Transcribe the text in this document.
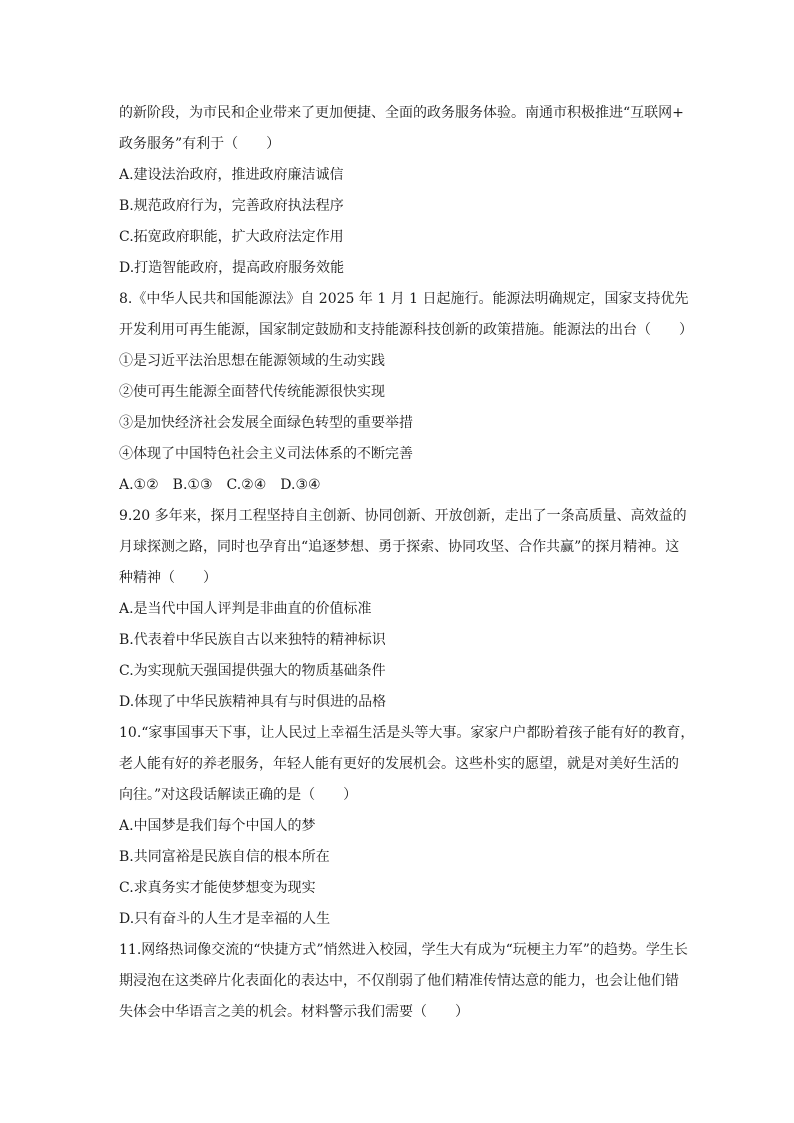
的新阶段，为市民和企业带来了更加便捷、全面的政务服务体验。南通市积极推进“互联网+
政务服务”有利于（　　）
A.建设法治政府，推进政府廉洁诚信
B.规范政府行为，完善政府执法程序
C.拓宽政府职能，扩大政府法定作用
D.打造智能政府，提高政府服务效能
8.《中华人民共和国能源法》自 2025 年 1 月 1 日起施行。能源法明确规定，国家支持优先
开发利用可再生能源，国家制定鼓励和支持能源科技创新的政策措施。能源法的出台（　　）
①是习近平法治思想在能源领域的生动实践
②使可再生能源全面替代传统能源很快实现
③是加快经济社会发展全面绿色转型的重要举措
④体现了中国特色社会主义司法体系的不断完善
A.①②　B.①③　C.②④　D.③④
9.20 多年来，探月工程坚持自主创新、协同创新、开放创新，走出了一条高质量、高效益的
月球探测之路，同时也孕育出“追逐梦想、勇于探索、协同攻坚、合作共赢”的探月精神。这
种精神（　　）
A.是当代中国人评判是非曲直的价值标准
B.代表着中华民族自古以来独特的精神标识
C.为实现航天强国提供强大的物质基础条件
D.体现了中华民族精神具有与时俱进的品格
10.“家事国事天下事，让人民过上幸福生活是头等大事。家家户户都盼着孩子能有好的教育，
老人能有好的养老服务，年轻人能有更好的发展机会。这些朴实的愿望，就是对美好生活的
向往。”对这段话解读正确的是（　　）
A.中国梦是我们每个中国人的梦
B.共同富裕是民族自信的根本所在
C.求真务实才能使梦想变为现实
D.只有奋斗的人生才是幸福的人生
11.网络热词像交流的“快捷方式”悄然进入校园，学生大有成为“玩梗主力军”的趋势。学生长
期浸泡在这类碎片化表面化的表达中，不仅削弱了他们精准传情达意的能力，也会让他们错
失体会中华语言之美的机会。材料警示我们需要（　　）
